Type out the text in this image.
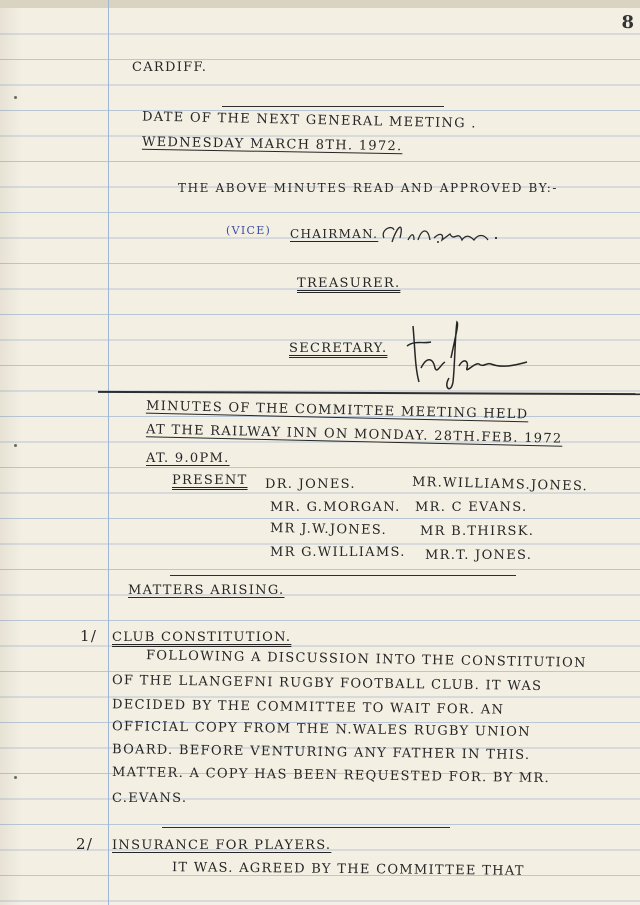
8
CARDIFF.
DATE OF THE NEXT GENERAL MEETING .
WEDNESDAY MARCH 8TH. 1972.
THE ABOVE MINUTES READ AND APPROVED BY:-
(VICE) CHAIRMAN.
TREASURER.
SECRETARY.
MINUTES OF THE COMMITTEE MEETING HELD
AT THE RAILWAY INN ON MONDAY. 28TH.FEB. 1972
AT. 9.0PM.
PRESENT DR. JONES.	MR.WILLIAMS.JONES.
MR. G.MORGAN. MR. C EVANS.
MR J.W.JONES.	MR B.THIRSK.
MR G.WILLIAMS. MR.T. JONES.
MATTERS ARISING.
1/ CLUB CONSTITUTION.
FOLLOWING A DISCUSSION INTO THE CONSTITUTION
OF THE LLANGEFNI RUGBY FOOTBALL CLUB. IT WAS
DECIDED BY THE COMMITTEE TO WAIT FOR. AN
OFFICIAL COPY FROM THE N.WALES RUGBY UNION
BOARD. BEFORE VENTURING ANY FATHER IN THIS.
MATTER. A COPY HAS BEEN REQUESTED FOR. BY MR.
C.EVANS.
2/ INSURANCE FOR PLAYERS.
IT WAS. AGREED BY THE COMMITTEE THAT
